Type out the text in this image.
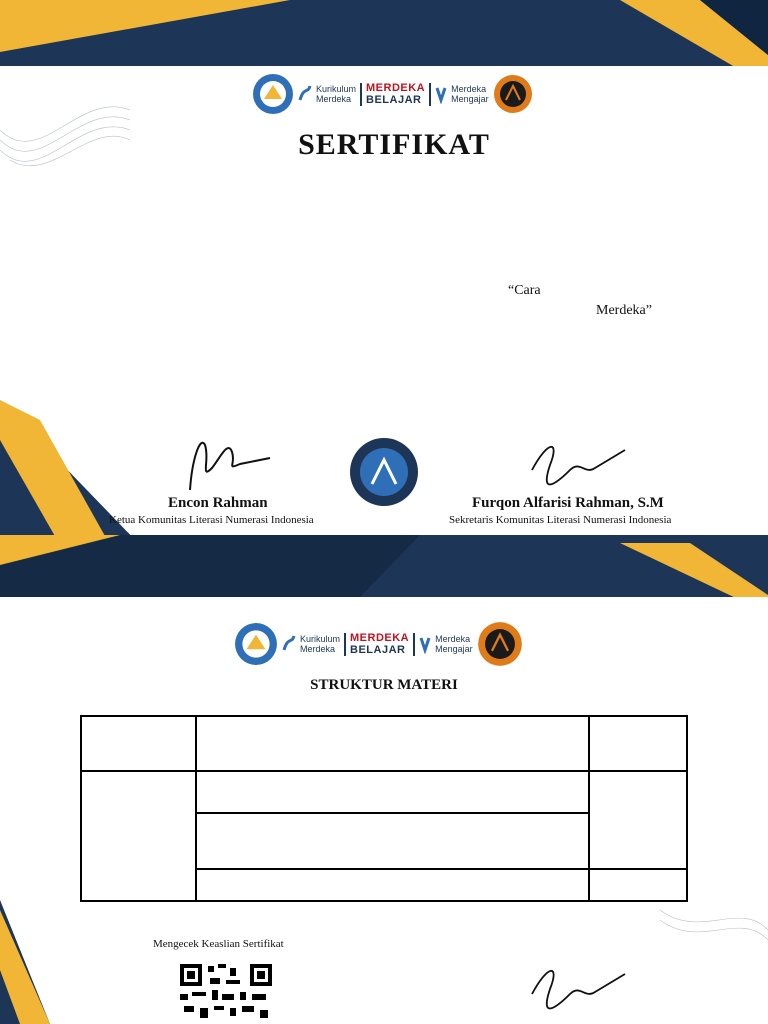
Kurikulum
Merdeka
MERDEKA
BELAJAR
Merdeka
Mengajar
SERTIFIKAT
“Cara
Merdeka”
Encon Rahman
Ketua Komunitas Literasi Numerasi Indonesia
Furqon Alfarisi Rahman, S.M
Sekretaris Komunitas Literasi Numerasi Indonesia
Kurikulum
Merdeka
MERDEKA
BELAJAR
Merdeka
Mengajar
STRUKTUR MATERI

Mengecek Keaslian Sertifikat
